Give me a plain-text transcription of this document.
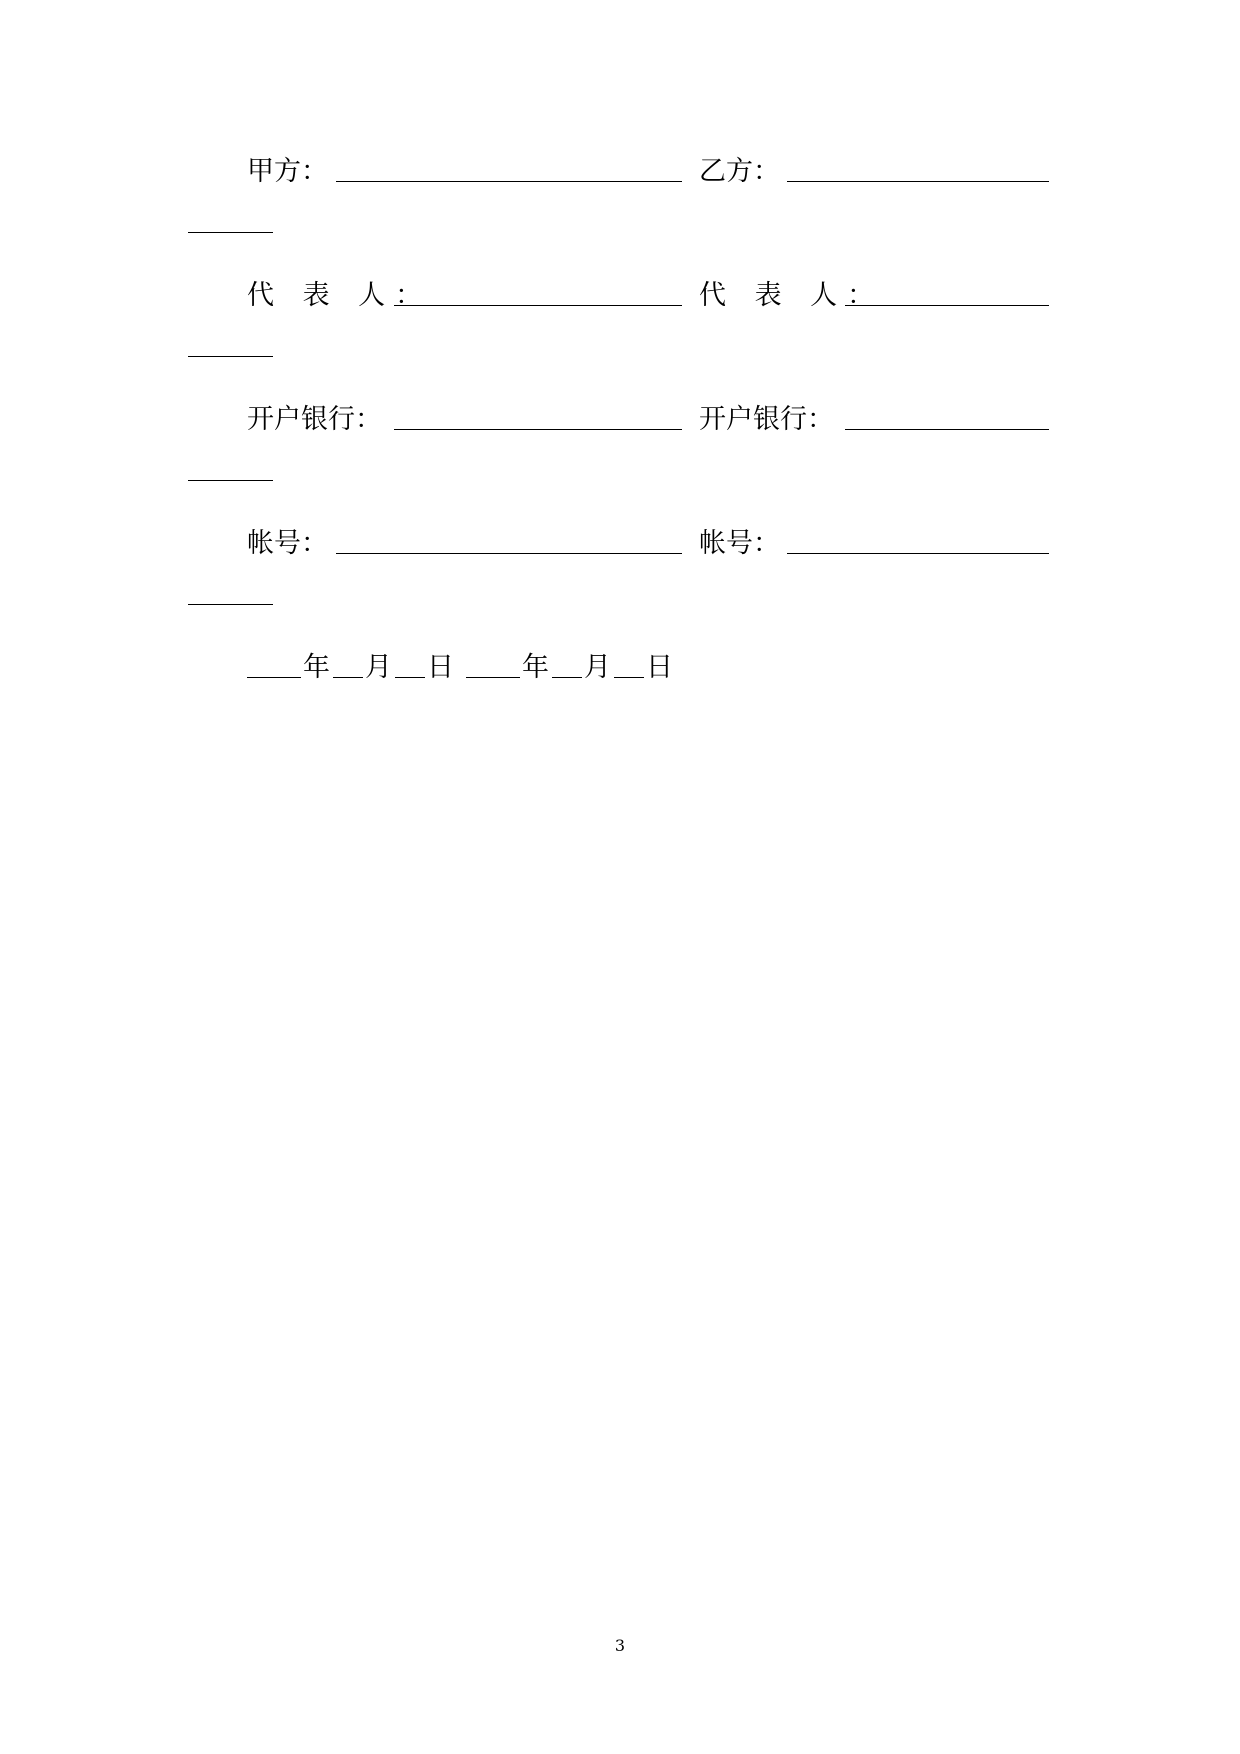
甲方：	乙方：
代 表 人：	代 表 人：
开户银行：	开户银行：
帐号：	帐号：
年 月 日	年 月 日
3
